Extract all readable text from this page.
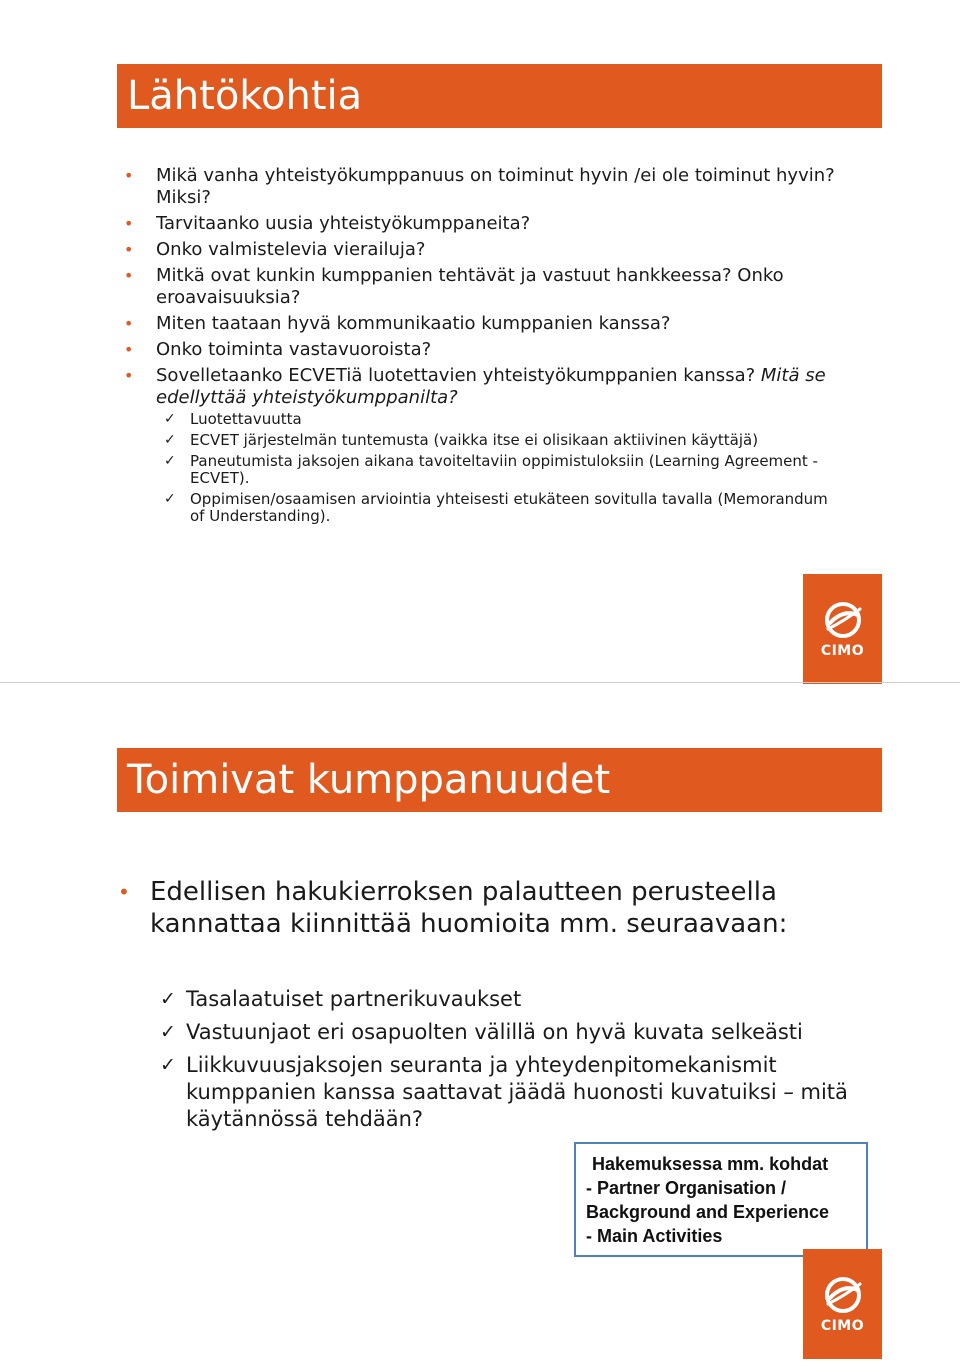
Lähtökohtia
• Mikä vanha yhteistyökumppanuus on toiminut hyvin /ei ole toiminut hyvin? Miksi?
• Tarvitaanko uusia yhteistyökumppaneita?
• Onko valmistelevia vierailuja?
• Mitkä ovat kunkin kumppanien tehtävät ja vastuut hankkeessa? Onko eroavaisuuksia?
• Miten taataan hyvä kommunikaatio kumppanien kanssa?
• Onko toiminta vastavuoroista?
• Sovelletaanko ECVETiä luotettavien yhteistyökumppanien kanssa? Mitä se edellyttää yhteistyökumppanilta?
✓ Luotettavuutta
✓ ECVET järjestelmän tuntemusta (vaikka itse ei olisikaan aktiivinen käyttäjä)
✓ Paneutumista jaksojen aikana tavoiteltaviin oppimistuloksiin (Learning Agreement - ECVET).
✓ Oppimisen/osaamisen arviointia yhteisesti etukäteen sovitulla tavalla (Memorandum of Understanding).
CIMO
Toimivat kumppanuudet
• Edellisen hakukierroksen palautteen perusteella kannattaa kiinnittää huomioita mm. seuraavaan:
✓ Tasalaatuiset partnerikuvaukset
✓ Vastuunjaot eri osapuolten välillä on hyvä kuvata selkeästi
✓ Liikkuvuusjaksojen seuranta ja yhteydenpitomekanismit kumppanien kanssa saattavat jäädä huonosti kuvatuiksi – mitä käytännössä tehdään?
Hakemuksessa mm. kohdat
- Partner Organisation /
Background and Experience
- Main Activities
CIMO
